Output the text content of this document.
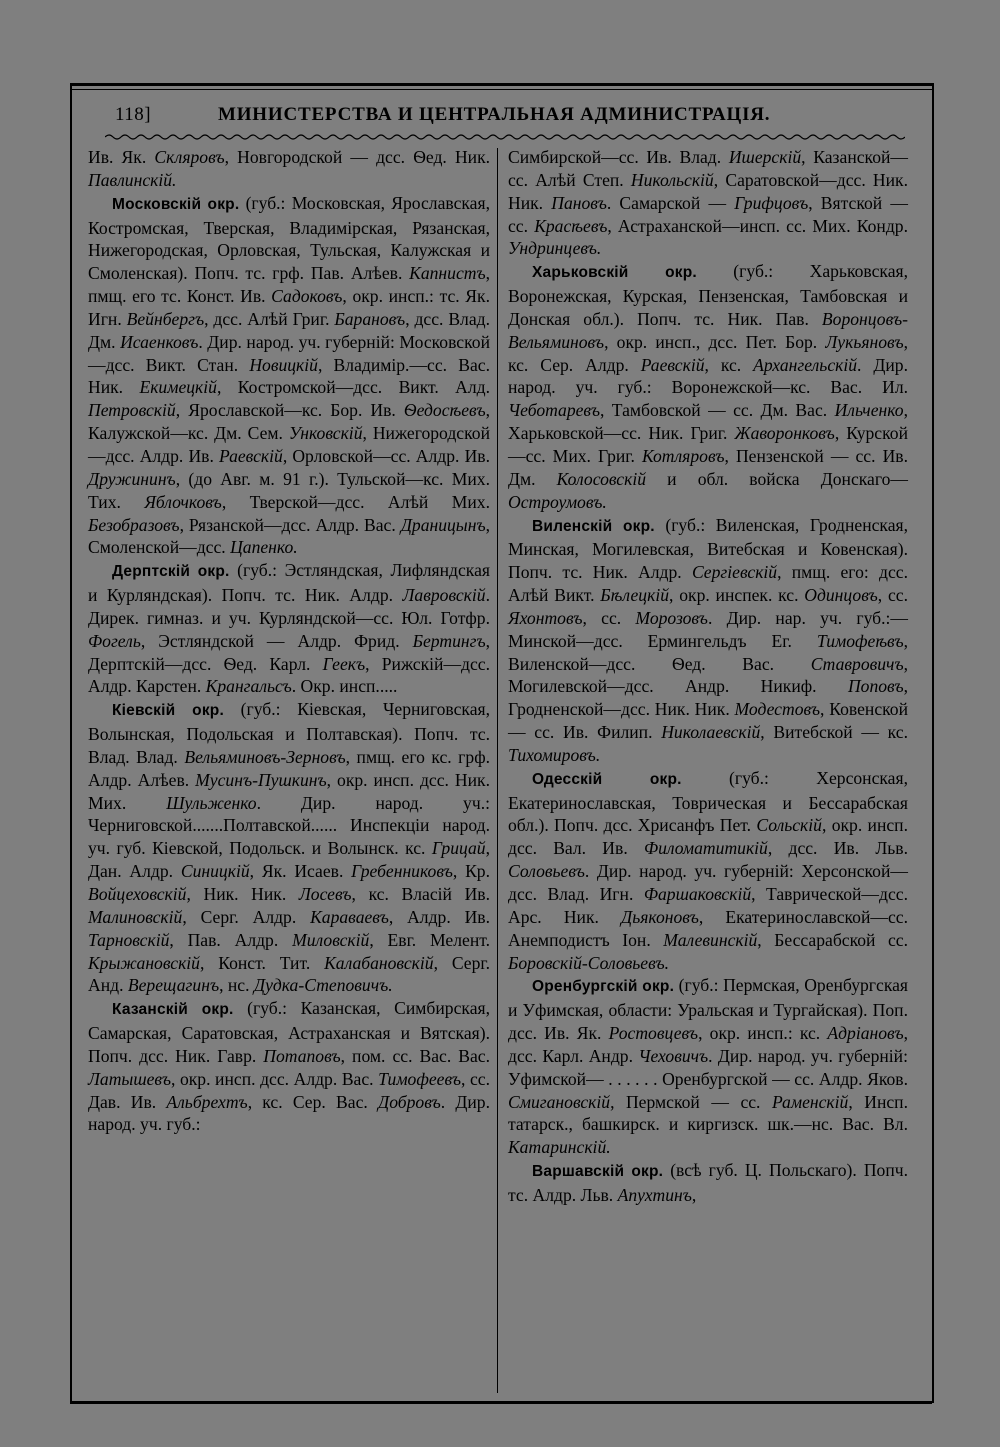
118]	МИНИСТЕРСТВА И ЦЕНТРАЛЬНАЯ АДМИНИСТРАЦІЯ.

Ив. Як. Скляровъ, Новгородской — дсс. Ѳед. Ник. Павлинскій.

Московскій окр. (губ.: Московская, Ярославская, Костромская, Тверская, Владимірская, Рязанская, Нижегородская, Орловская, Тульская, Калужская и Смоленская). Попч. тс. грф. Пав. Алѣев. Капнистъ, пмщ. его тс. Конст. Ив. Садоковъ, окр. инсп.: тс. Як. Игн. Вейнбергъ, дсс. Алѣй Григ. Барановъ, дсс. Влад. Дм. Исаенковъ. Дир. народ. уч. губерній: Московской—дсс. Викт. Стан. Новицкій, Владимір.—сс. Вас. Ник. Екимецкій, Костромской—дсс. Викт. Алд. Петровскій, Ярославской—кс. Бор. Ив. Ѳедосѣевъ, Калужской—кс. Дм. Сем. Унковскій, Нижегородской—дсс. Алдр. Ив. Раевскій, Орловской—сс. Алдр. Ив. Дружининъ, (до Авг. м. 91 г.). Тульской—кс. Мих. Тих. Яблочковъ, Тверской—дсс. Алѣй Мих. Безобразовъ, Рязанской—дсс. Алдр. Вас. Драницынъ, Смоленской—дсс. Цапенко.

Дерптскій окр. (губ.: Эстляндская, Лифляндская и Курляндская). Попч. тс. Ник. Алдр. Лавровскій. Дирек. гимназ. и уч. Курляндской—сс. Юл. Готфр. Фогель, Эстляндской — Алдр. Фрид. Бертингъ, Дерптскій—дсс. Ѳед. Карл. Геекъ, Рижскій—дсс. Алдр. Карстен. Крангальсъ. Окр. инсп.....

Кіевскій окр. (губ.: Кіевская, Черниговская, Волынская, Подольская и Полтавская). Попч. тс. Влад. Влад. Вельяминовъ-Зерновъ, пмщ. его кс. грф. Алдр. Алѣев. Мусинъ-Пушкинъ, окр. инсп. дсс. Ник. Мих. Шульженко. Дир. народ. уч.: Черниговской.......Полтавской...... Инспекціи народ. уч. губ. Кіевской, Подольск. и Волынск. кс. Грицай, Дан. Алдр. Синицкій, Як. Исаев. Гребенниковъ, Кр. Войцеховскій, Ник. Ник. Лосевъ, кс. Власій Ив. Малиновскій, Серг. Алдр. Караваевъ, Алдр. Ив. Тарновскій, Пав. Алдр. Миловскій, Евг. Мелент. Крыжановскій, Конст. Тит. Калабановскій, Серг. Анд. Верещагинъ, нс. Дудка-Степовичъ.

Казанскій окр. (губ.: Казанская, Симбирская, Самарская, Саратовская, Астраханская и Вятская). Попч. дсс. Ник. Гавр. Потаповъ, пом. сс. Вас. Вас. Латышевъ, окр. инсп. дсс. Алдр. Вас. Тимофеевъ, сс. Дав. Ив. Альбрехтъ, кс. Сер. Вас. Добровъ. Дир. народ. уч. губ.:

Симбирской—сс. Ив. Влад. Ишерскій, Казанской—сс. Алѣй Степ. Никольскій, Саратовской—дсс. Ник. Ник. Пановъ. Самарской — Грифцовъ, Вятской — сс. Красѣевъ, Астраханской—инсп. сс. Мих. Кондр. Ундринцевъ.

Харьковскій окр. (губ.: Харьковская, Воронежская, Курская, Пензенская, Тамбовская и Донская обл.). Попч. тс. Ник. Пав. Воронцовъ-Вельяминовъ, окр. инсп., дсс. Пет. Бор. Лукьяновъ, кс. Сер. Алдр. Раевскій, кс. Архангельскій. Дир. народ. уч. губ.: Воронежской—кс. Вас. Ил. Чеботаревъ, Тамбовской — сс. Дм. Вас. Ильченко, Харьковской—сс. Ник. Григ. Жаворонковъ, Курской—сс. Мих. Григ. Котляровъ, Пензенской — сс. Ив. Дм. Колосовскій и обл. войска Донскаго— Остроумовъ.

Виленскій окр. (губ.: Виленская, Гродненская, Минская, Могилевская, Витебская и Ковенская). Попч. тс. Ник. Алдр. Сергіевскій, пмщ. его: дсс. Алѣй Викт. Бѣлецкій, окр. инспек. кс. Одинцовъ, сс. Яхонтовъ, сс. Морозовъ. Дир. нар. уч. губ.:—Минской—дсс. Ермингельдъ Ег. Тимофеѣвъ, Виленской—дсс. Ѳед. Вас. Ставровичъ, Могилевской—дсс. Андр. Никиф. Поповъ, Гродненской—дсс. Ник. Ник. Модестовъ, Ковенской — сс. Ив. Филип. Николаевскій, Витебской — кс. Тихомировъ.

Одесскій окр. (губ.: Херсонская, Екатеринославская, Товрическая и Бессарабская обл.). Попч. дсс. Хрисанфъ Пет. Сольскій, окр. инсп. дсс. Вал. Ив. Филоматитикій, дсс. Ив. Льв. Соловьевъ. Дир. народ. уч. губерній: Херсонской—дсс. Влад. Игн. Фаршаковскій, Таврической—дсс. Арс. Ник. Дьяконовъ, Екатеринославской—сс. Анемподистъ Іон. Малевинскій, Бессарабской сс. Боровскій-Соловьевъ.

Оренбургскій окр. (губ.: Пермская, Оренбургская и Уфимская, области: Уральская и Тургайская). Поп. дсс. Ив. Як. Ростовцевъ, окр. инсп.: кс. Адріановъ, дсс. Карл. Андр. Чеховичъ. Дир. народ. уч. губерній: Уфимской— . . . . . . Оренбургской — сс. Алдр. Яков. Смигановскій, Пермской — сс. Раменскій, Инсп. татарск., башкирск. и киргизск. шк.—нс. Вас. Вл. Катаринскій.

Варшавскій окр. (всѣ губ. Ц. Польскаго). Попч. тс. Алдр. Льв. Апухтинъ,
